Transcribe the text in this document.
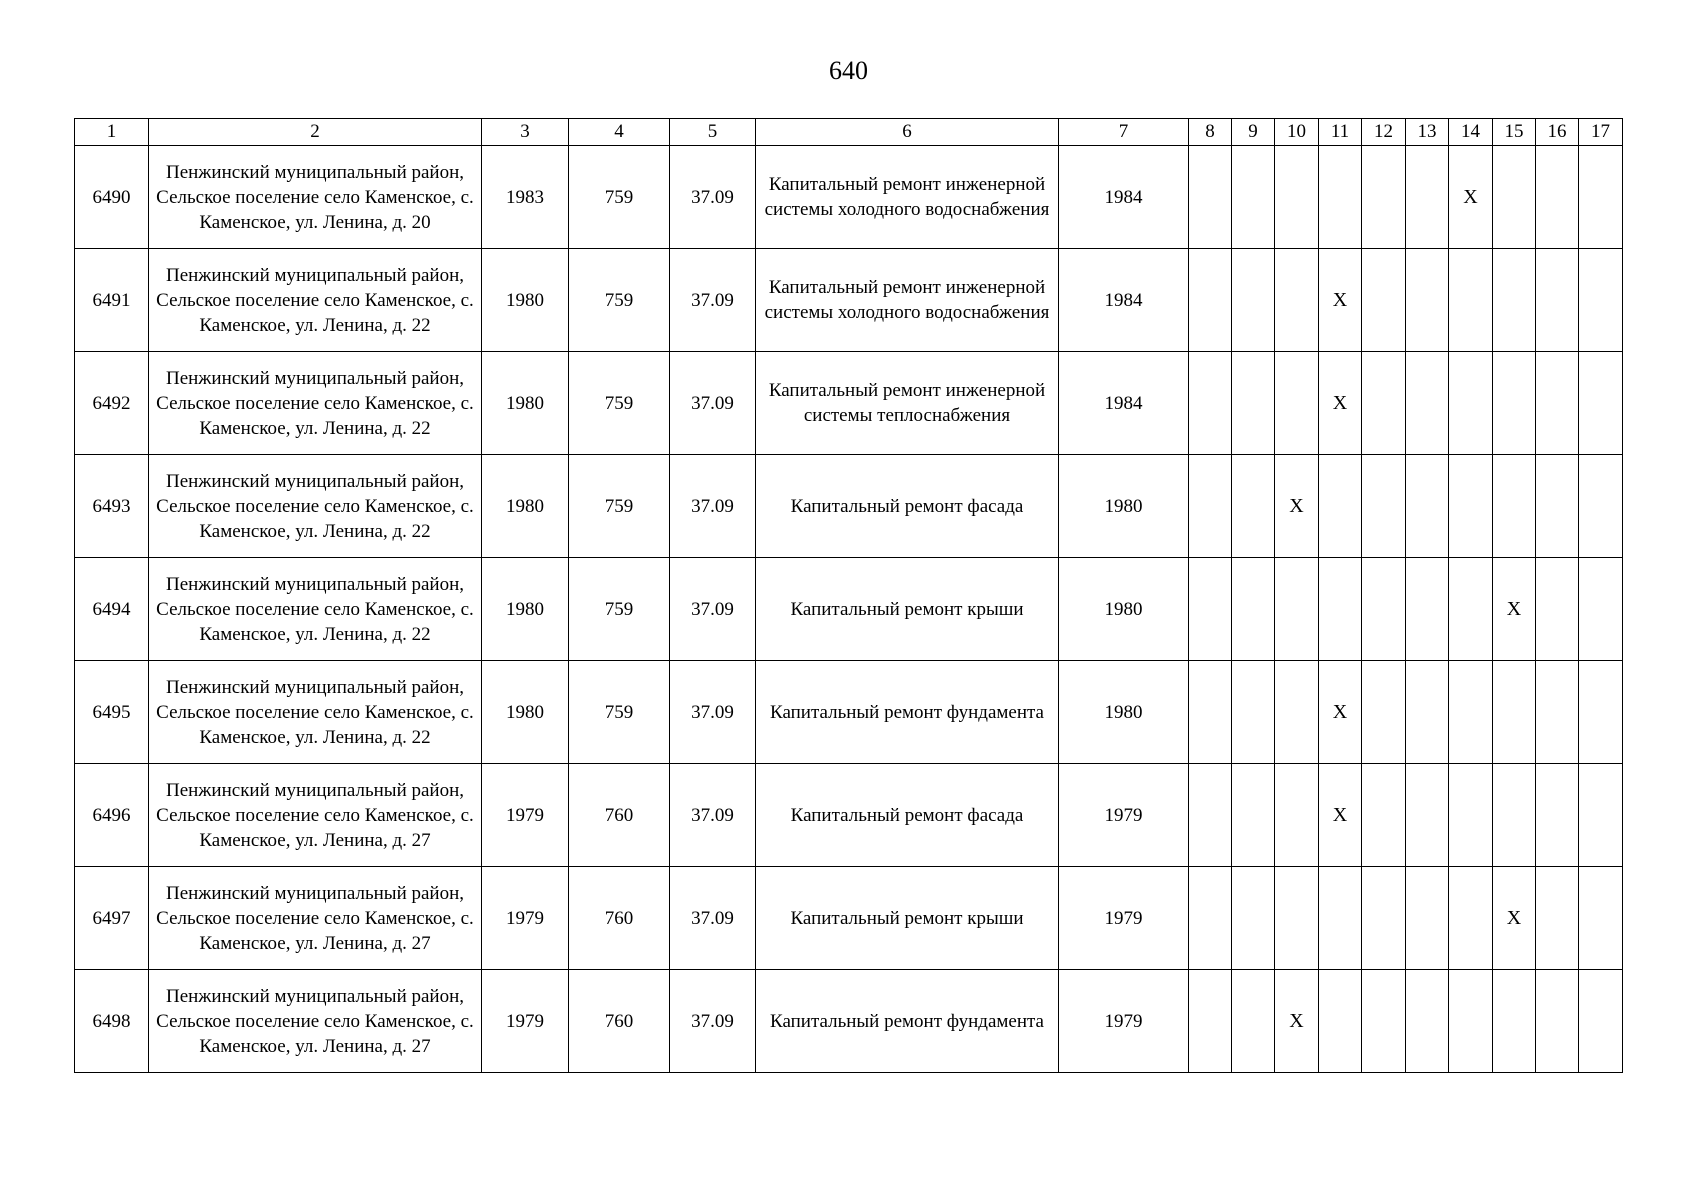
640
1	2	3	4	5	6	7	8	9	10	11	12	13	14	15	16	17
6490	Пенжинский муниципальный район, Сельское поселение село Каменское, с. Каменское, ул. Ленина, д. 20	1983	759	37.09	Капитальный ремонт инженерной системы холодного водоснабжения	1984							X			
6491	Пенжинский муниципальный район, Сельское поселение село Каменское, с. Каменское, ул. Ленина, д. 22	1980	759	37.09	Капитальный ремонт инженерной системы холодного водоснабжения	1984				X						
6492	Пенжинский муниципальный район, Сельское поселение село Каменское, с. Каменское, ул. Ленина, д. 22	1980	759	37.09	Капитальный ремонт инженерной системы теплоснабжения	1984				X						
6493	Пенжинский муниципальный район, Сельское поселение село Каменское, с. Каменское, ул. Ленина, д. 22	1980	759	37.09	Капитальный ремонт фасада	1980			X							
6494	Пенжинский муниципальный район, Сельское поселение село Каменское, с. Каменское, ул. Ленина, д. 22	1980	759	37.09	Капитальный ремонт крыши	1980								X		
6495	Пенжинский муниципальный район, Сельское поселение село Каменское, с. Каменское, ул. Ленина, д. 22	1980	759	37.09	Капитальный ремонт фундамента	1980				X						
6496	Пенжинский муниципальный район, Сельское поселение село Каменское, с. Каменское, ул. Ленина, д. 27	1979	760	37.09	Капитальный ремонт фасада	1979				X						
6497	Пенжинский муниципальный район, Сельское поселение село Каменское, с. Каменское, ул. Ленина, д. 27	1979	760	37.09	Капитальный ремонт крыши	1979								X		
6498	Пенжинский муниципальный район, Сельское поселение село Каменское, с. Каменское, ул. Ленина, д. 27	1979	760	37.09	Капитальный ремонт фундамента	1979			X							
